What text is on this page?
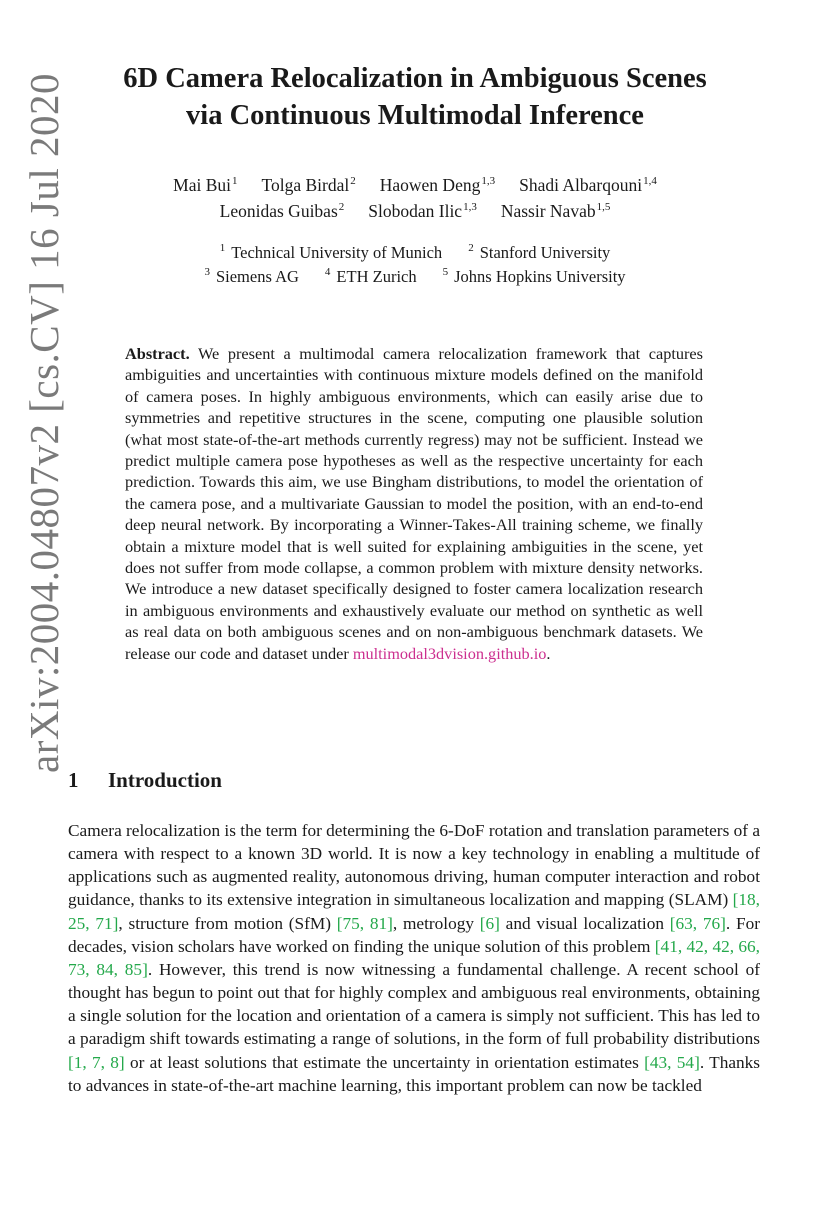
arXiv:2004.04807v2 [cs.CV] 16 Jul 2020	6D Camera Relocalization in Ambiguous Scenes
via Continuous Multimodal Inference
Mai Bui$^1$ Tolga Birdal$^2$ Haowen Deng$^{1,3}$ Shadi Albarqouni$^{1,4}$
Leonidas Guibas$^2$ Slobodan Ilic$^{1,3}$ Nassir Navab$^{1,5}$
$^1$ Technical University of Munich $^2$ Stanford University
$^3$ Siemens AG $^4$ ETH Zurich $^5$ Johns Hopkins University

Abstract. We present a multimodal camera relocalization framework that captures ambiguities and uncertainties with continuous mixture models defined on the manifold of camera poses. In highly ambiguous environments, which can easily arise due to symmetries and repetitive structures in the scene, computing one plausible solution (what most state-of-the-art methods currently regress) may not be sufficient. Instead we predict multiple camera pose hypotheses as well as the respective uncertainty for each prediction. Towards this aim, we use Bingham distributions, to model the orientation of the camera pose, and a multivariate Gaussian to model the position, with an end-to-end deep neural network. By incorporating a Winner-Takes-All training scheme, we finally obtain a mixture model that is well suited for explaining ambiguities in the scene, yet does not suffer from mode collapse, a common problem with mixture density networks. We introduce a new dataset specifically designed to foster camera localization research in ambiguous environments and exhaustively evaluate our method on synthetic as well as real data on both ambiguous scenes and on non-ambiguous benchmark datasets. We release our code and dataset under multimodal3dvision.github.io.

1 Introduction

Camera relocalization is the term for determining the 6-DoF rotation and translation parameters of a camera with respect to a known 3D world. It is now a key technology in enabling a multitude of applications such as augmented reality, autonomous driving, human computer interaction and robot guidance, thanks to its extensive integration in simultaneous localization and mapping (SLAM) [18, 25, 71], structure from motion (SfM) [75, 81], metrology [6] and visual localization [63, 76]. For decades, vision scholars have worked on finding the unique solution of this problem [41, 42, 42, 66, 73, 84, 85]. However, this trend is now witnessing a fundamental challenge. A recent school of thought has begun to point out that for highly complex and ambiguous real environments, obtaining a single solution for the location and orientation of a camera is simply not sufficient. This has led to a paradigm shift towards estimating a range of solutions, in the form of full probability distributions [1, 7, 8] or at least solutions that estimate the uncertainty in orientation estimates [43, 54]. Thanks to advances in state-of-the-art machine learning, this important problem can now be tackled
